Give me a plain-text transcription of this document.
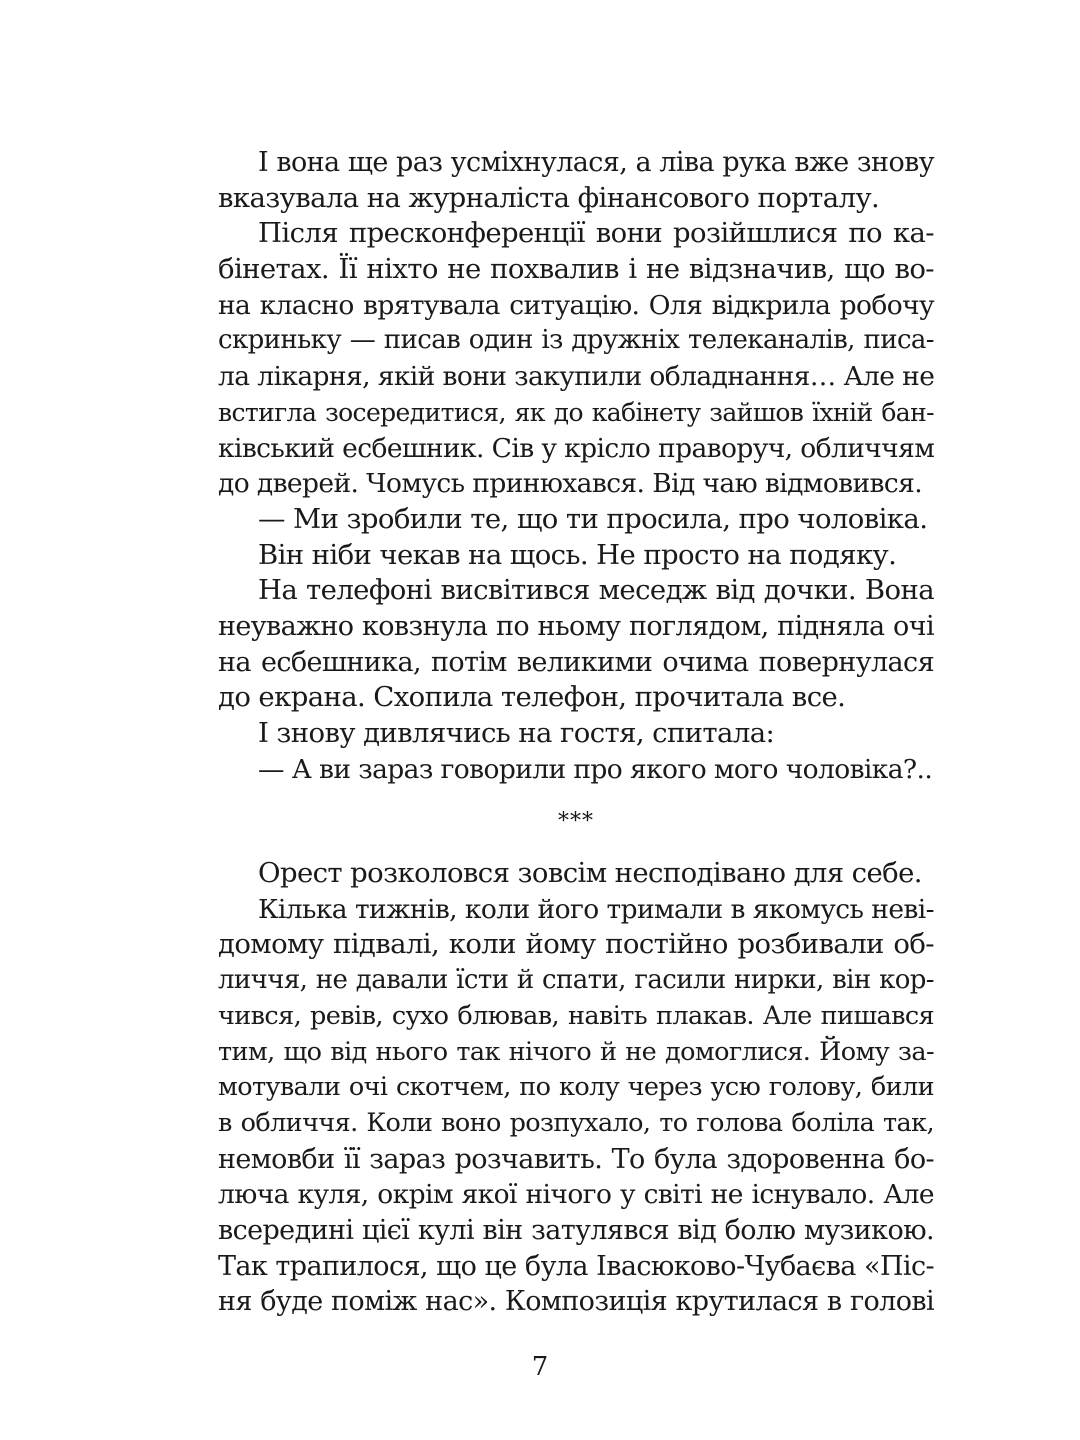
І вона ще раз усміхнулася, а ліва рука вже знову
вказувала на журналіста фінансового порталу.
Після пресконференції вони розійшлися по ка-
бінетах. Її ніхто не похвалив і не відзначив, що во-
на класно врятувала ситуацію. Оля відкрила робочу
скриньку — писав один із дружніх телеканалів, писа-
ла лікарня, якій вони закупили обладнання… Але не
встигла зосередитися, як до кабінету зайшов їхній бан-
ківський есбешник. Сів у крісло праворуч, обличчям
до дверей. Чомусь принюхався. Від чаю відмовився.
— Ми зробили те, що ти просила, про чоловіка.
Він ніби чекав на щось. Не просто на подяку.
На телефоні висвітився меседж від дочки. Вона
неуважно ковзнула по ньому поглядом, підняла очі
на есбешника, потім великими очима повернулася
до екрана. Схопила телефон, прочитала все.
І знову дивлячись на гостя, спитала:
— А ви зараз говорили про якого мого чоловіка?..
***
Орест розколовся зовсім несподівано для себе.
Кілька тижнів, коли його тримали в якомусь неві-
домому підвалі, коли йому постійно розбивали об-
личчя, не давали їсти й спати, гасили нирки, він кор-
чився, ревів, сухо блював, навіть плакав. Але пишався
тим, що від нього так нічого й не домоглися. Йому за-
мотували очі скотчем, по колу через усю голову, били
в обличчя. Коли воно розпухало, то голова боліла так,
немовби її зараз розчавить. То була здоровенна бо-
люча куля, окрім якої нічого у світі не існувало. Але
всередині цієї кулі він затулявся від болю музикою.
Так трапилося, що це була Івасюково-Чубаєва «Піс-
ня буде поміж нас». Композиція крутилася в голові
7
